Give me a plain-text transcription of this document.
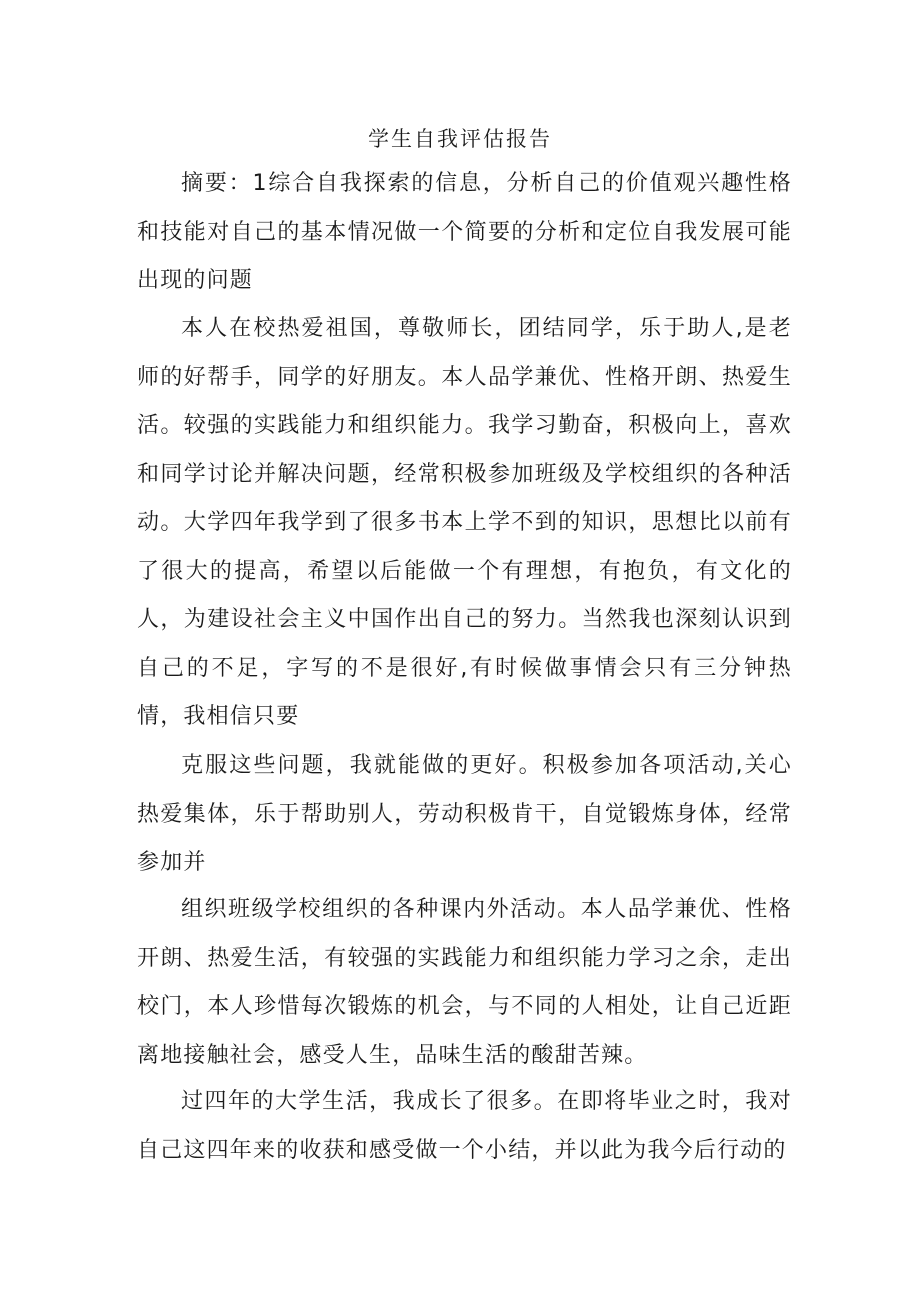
学生自我评估报告

摘要：1综合自我探索的信息，分析自己的价值观兴趣性格和技能对自己的基本情况做一个简要的分析和定位自我发展可能出现的问题

本人在校热爱祖国，尊敬师长，团结同学，乐于助人,是老师的好帮手，同学的好朋友。本人品学兼优、性格开朗、热爱生活。较强的实践能力和组织能力。我学习勤奋，积极向上，喜欢和同学讨论并解决问题，经常积极参加班级及学校组织的各种活动。大学四年我学到了很多书本上学不到的知识，思想比以前有了很大的提高，希望以后能做一个有理想，有抱负，有文化的人，为建设社会主义中国作出自己的努力。当然我也深刻认识到自己的不足，字写的不是很好,有时候做事情会只有三分钟热情，我相信只要

克服这些问题，我就能做的更好。积极参加各项活动,关心热爱集体，乐于帮助别人，劳动积极肯干，自觉锻炼身体，经常参加并

组织班级学校组织的各种课内外活动。本人品学兼优、性格开朗、热爱生活，有较强的实践能力和组织能力学习之余，走出校门，本人珍惜每次锻炼的机会，与不同的人相处，让自己近距离地接触社会，感受人生，品味生活的酸甜苦辣。

过四年的大学生活，我成长了很多。在即将毕业之时，我对自己这四年来的收获和感受做一个小结，并以此为我今后行动的
